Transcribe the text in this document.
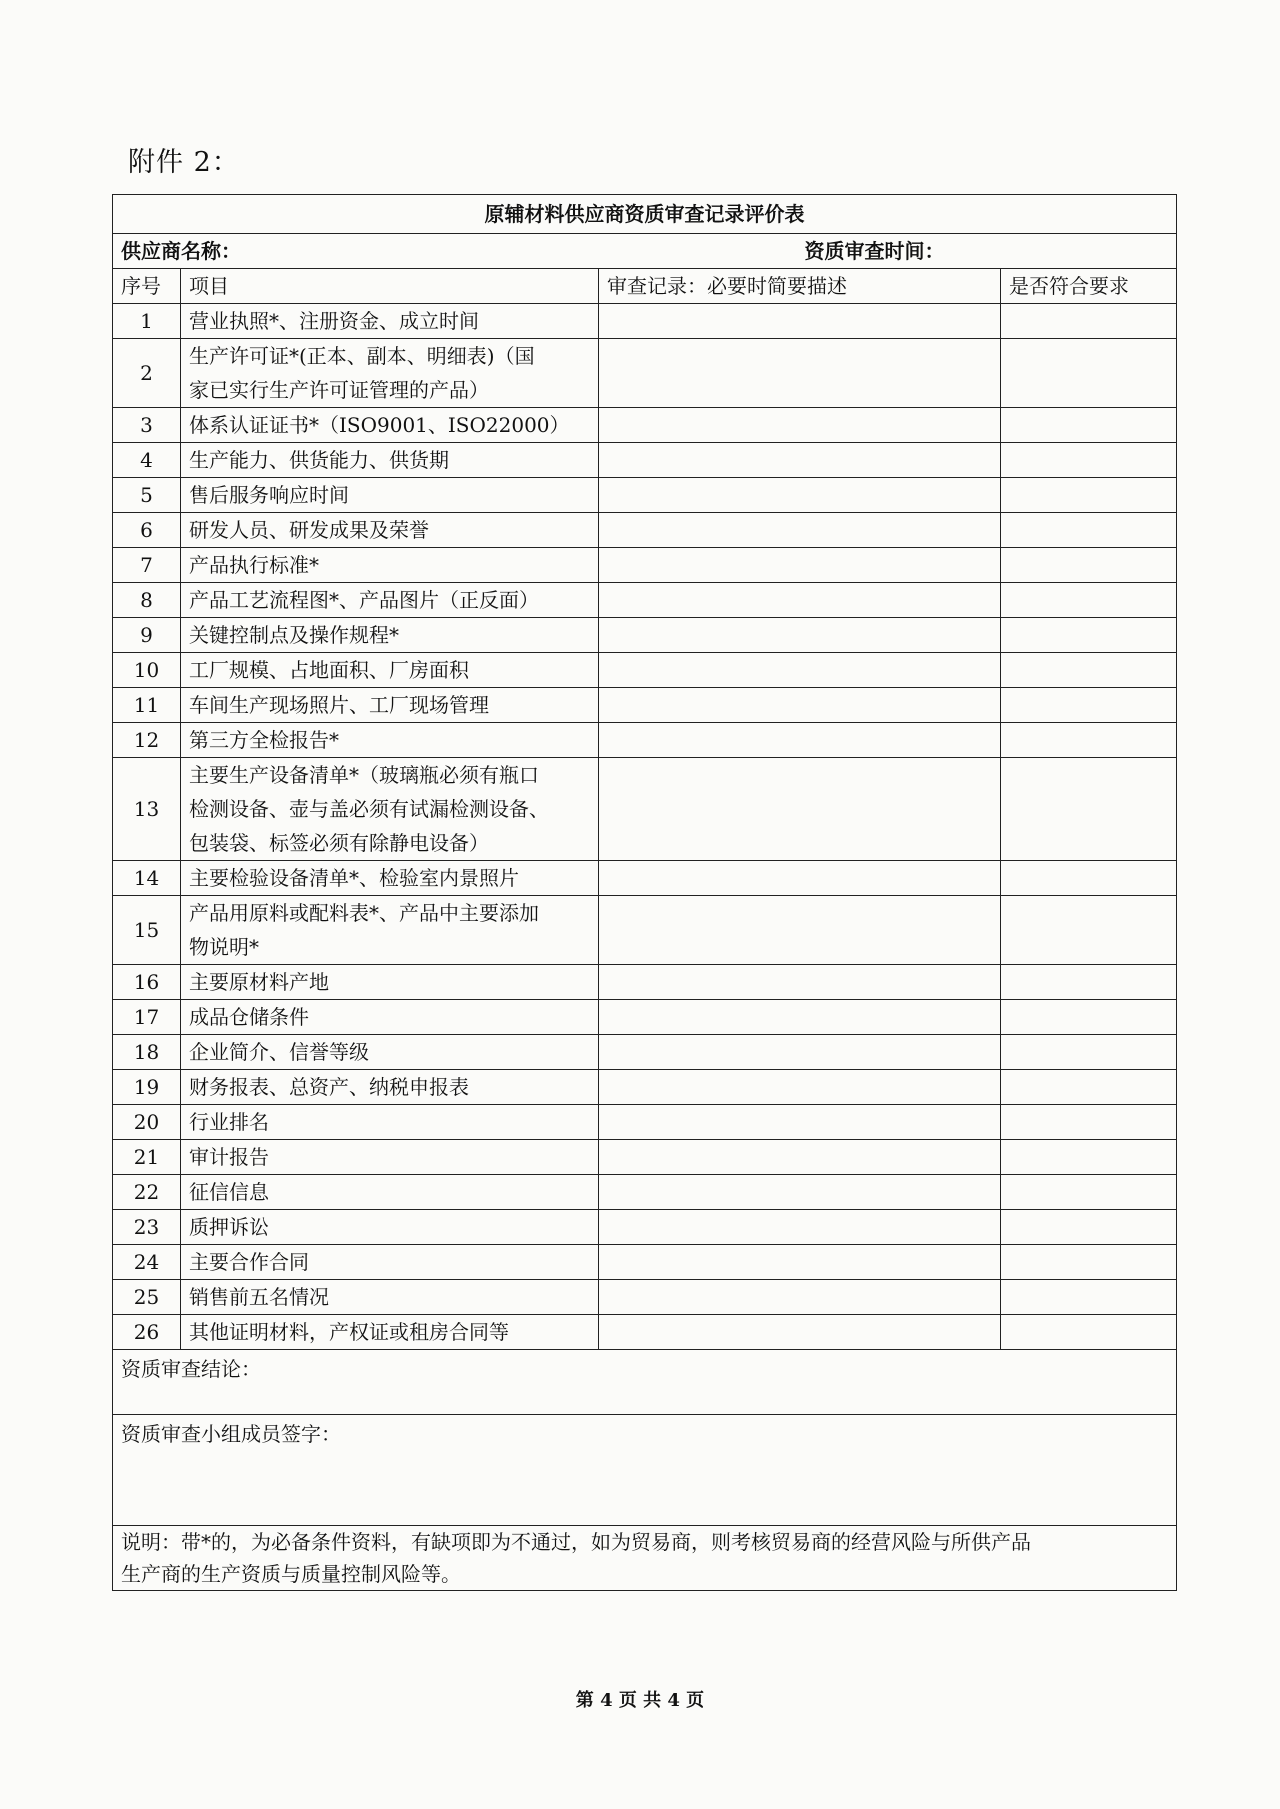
附件 2：
原辅材料供应商资质审查记录评价表			
供应商名称： 资质审查时间：			

序号	项目	审查记录：必要时简要描述	是否符合要求
1	营业执照*、注册资金、成立时间		

2	生产许可证*(正本、副本、明细表)（国
家已实行生产许可证管理的产品）		

3	体系认证证书*（ISO9001、ISO22000）		

4	生产能力、供货能力、供货期		

5	售后服务响应时间		

6	研发人员、研发成果及荣誉		

7	产品执行标准*		

8	产品工艺流程图*、产品图片（正反面）		

9	关键控制点及操作规程*		

10	工厂规模、占地面积、厂房面积		

11	车间生产现场照片、工厂现场管理		

12	第三方全检报告*		

13	主要生产设备清单*（玻璃瓶必须有瓶口
检测设备、壶与盖必须有试漏检测设备、
包装袋、标签必须有除静电设备）		

14	主要检验设备清单*、检验室内景照片		

15	产品用原料或配料表*、产品中主要添加
物说明*		

16	主要原材料产地		

17	成品仓储条件		

18	企业简介、信誉等级		

19	财务报表、总资产、纳税申报表		

20	行业排名		

21	审计报告		

22	征信信息		

23	质押诉讼		

24	主要合作合同		

25	销售前五名情况		

26	其他证明材料，产权证或租房合同等		

资质审查结论：			
资质审查小组成员签字：			

说明：带*的，为必备条件资料，有缺项即为不通过，如为贸易商，则考核贸易商的经营风险与所供产品
生产商的生产资质与质量控制风险等。			
第 4 页 共 4 页
